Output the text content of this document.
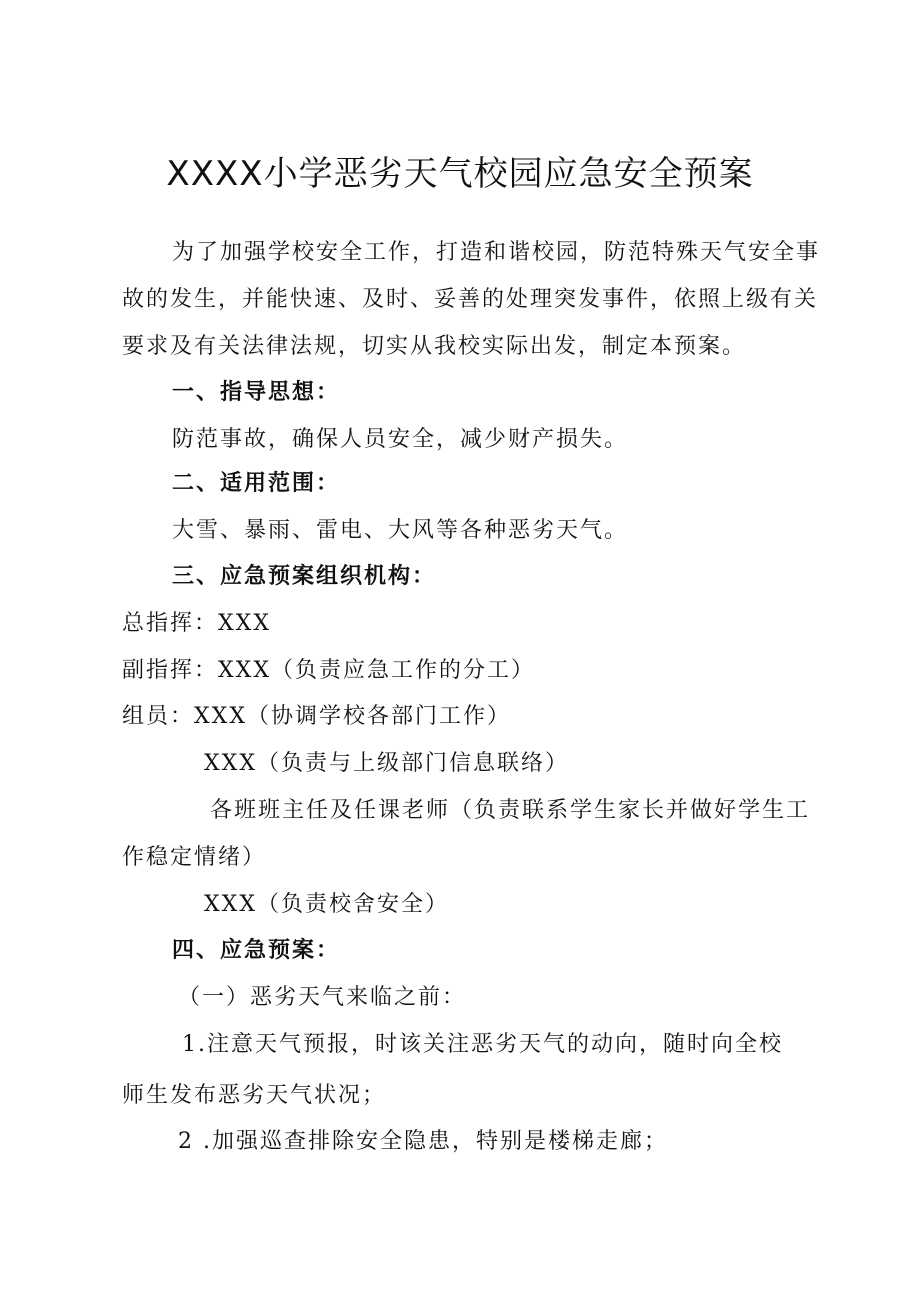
XXXX小学恶劣天气校园应急安全预案
为了加强学校安全工作，打造和谐校园，防范特殊天气安全事
故的发生，并能快速、及时、妥善的处理突发事件，依照上级有关
要求及有关法律法规，切实从我校实际出发，制定本预案。
一、指导思想：
防范事故，确保人员安全，减少财产损失。
二、适用范围：
大雪、暴雨、雷电、大风等各种恶劣天气。
三、应急预案组织机构：
总指挥：XXX
副指挥：XXX（负责应急工作的分工）
组员：XXX（协调学校各部门工作）
XXX（负责与上级部门信息联络）
各班班主任及任课老师（负责联系学生家长并做好学生工
作稳定情绪）
XXX（负责校舍安全）
四、应急预案：
（一）恶劣天气来临之前：
1.注意天气预报，时该关注恶劣天气的动向，随时向全校
师生发布恶劣天气状况；
2 .加强巡查排除安全隐患，特别是楼梯走廊；
